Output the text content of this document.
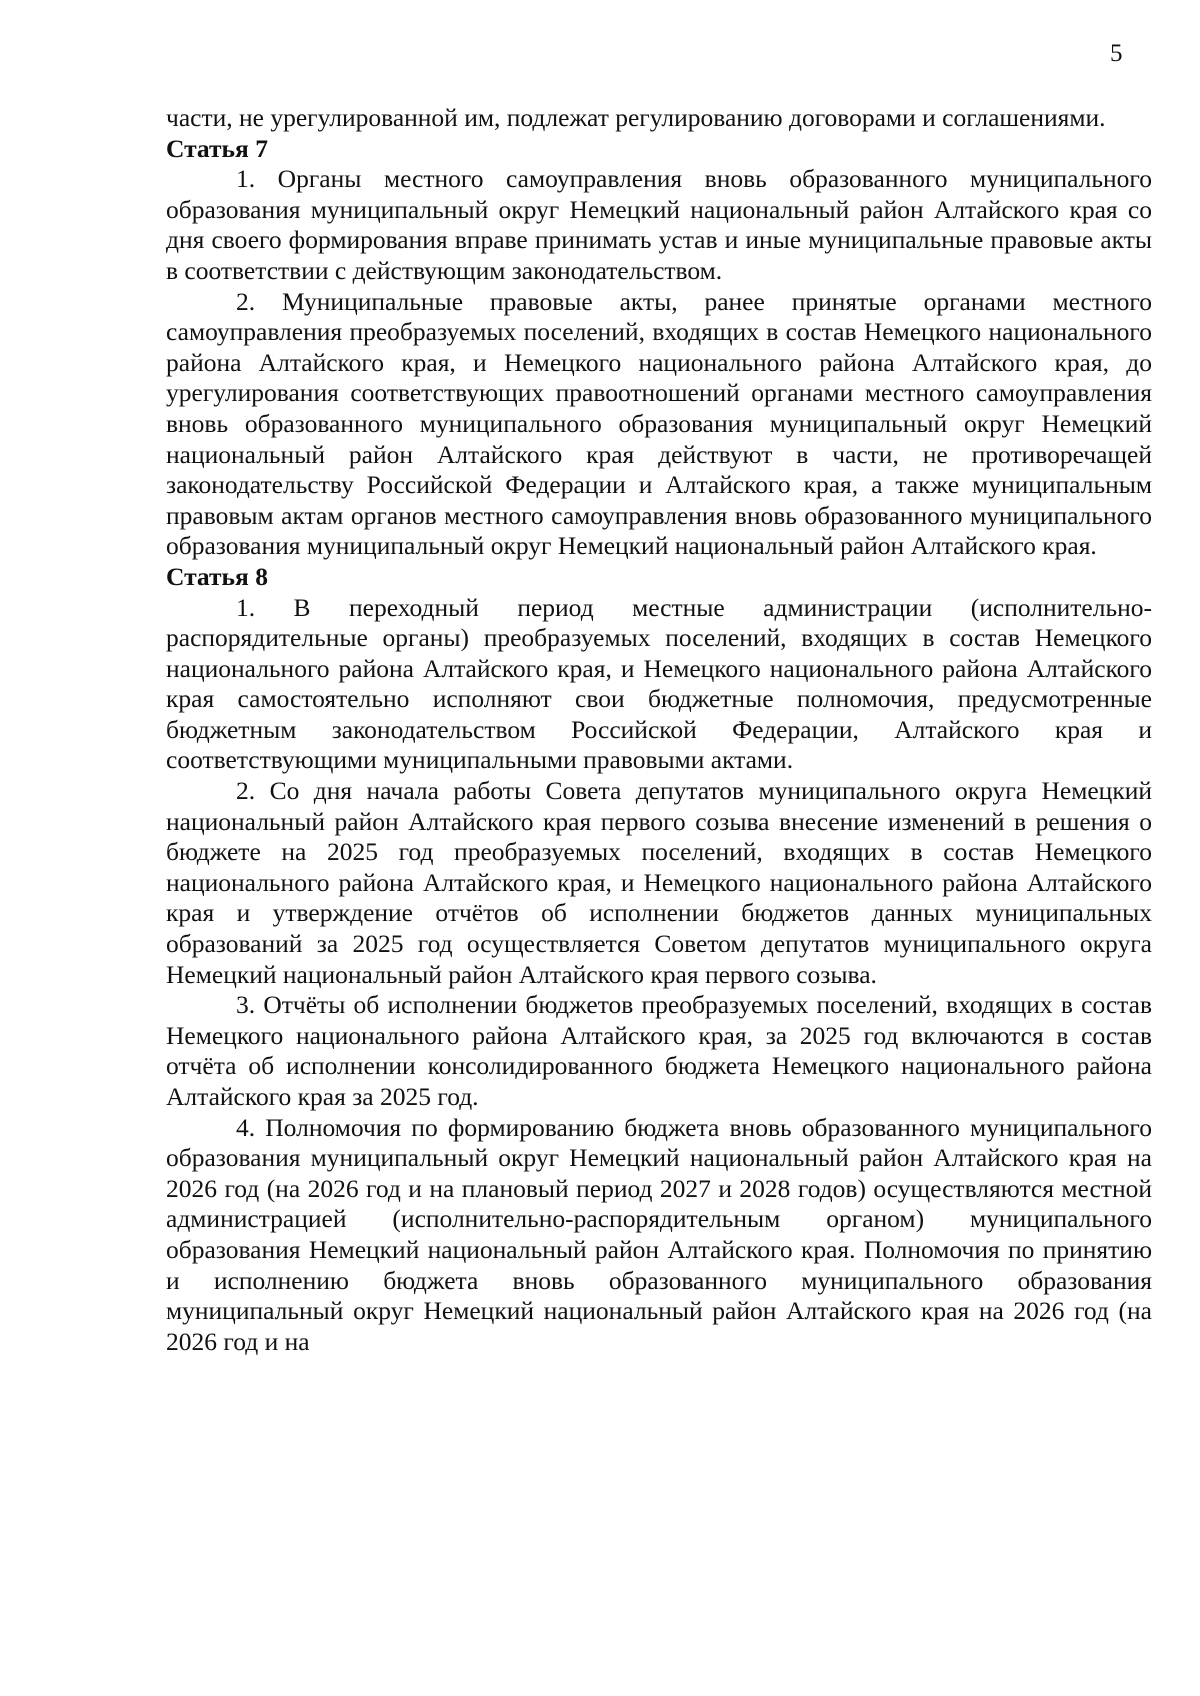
5

части, не урегулированной им, подлежат регулированию договорами и соглашениями.

Статья 7

1. Органы местного самоуправления вновь образованного муниципального образования муниципальный округ Немецкий национальный район Алтайского края со дня своего формирования вправе принимать устав и иные муниципальные правовые акты в соответствии с действующим законодательством.

2. Муниципальные правовые акты, ранее принятые органами местного самоуправления преобразуемых поселений, входящих в состав Немецкого национального района Алтайского края, и Немецкого национального района Алтайского края, до урегулирования соответствующих правоотношений органами местного самоуправления вновь образованного муниципального образования муниципальный округ Немецкий национальный район Алтайского края действуют в части, не противоречащей законодательству Российской Федерации и Алтайского края, а также муниципальным правовым актам органов местного самоуправления вновь образованного муниципального образования муниципальный округ Немецкий национальный район Алтайского края.

Статья 8

1. В переходный период местные администрации (исполнительно-распорядительные органы) преобразуемых поселений, входящих в состав Немецкого национального района Алтайского края, и Немецкого национального района Алтайского края самостоятельно исполняют свои бюджетные полномочия, предусмотренные бюджетным законодательством Российской Федерации, Алтайского края и соответствующими муниципальными правовыми актами.

2. Со дня начала работы Совета депутатов муниципального округа Немецкий национальный район Алтайского края первого созыва внесение изменений в решения о бюджете на 2025 год преобразуемых поселений, входящих в состав Немецкого национального района Алтайского края, и Немецкого национального района Алтайского края и утверждение отчётов об исполнении бюджетов данных муниципальных образований за 2025 год осуществляется Советом депутатов муниципального округа Немецкий национальный район Алтайского края первого созыва.

3. Отчёты об исполнении бюджетов преобразуемых поселений, входящих в состав Немецкого национального района Алтайского края, за 2025 год включаются в состав отчёта об исполнении консолидированного бюджета Немецкого национального района Алтайского края за 2025 год.

4. Полномочия по формированию бюджета вновь образованного муниципального образования муниципальный округ Немецкий национальный район Алтайского края на 2026 год (на 2026 год и на плановый период 2027 и 2028 годов) осуществляются местной администрацией (исполнительно-распорядительным органом) муниципального образования Немецкий национальный район Алтайского края. Полномочия по принятию и исполнению бюджета вновь образованного муниципального образования муниципальный округ Немецкий национальный район Алтайского края на 2026 год (на 2026 год и на
